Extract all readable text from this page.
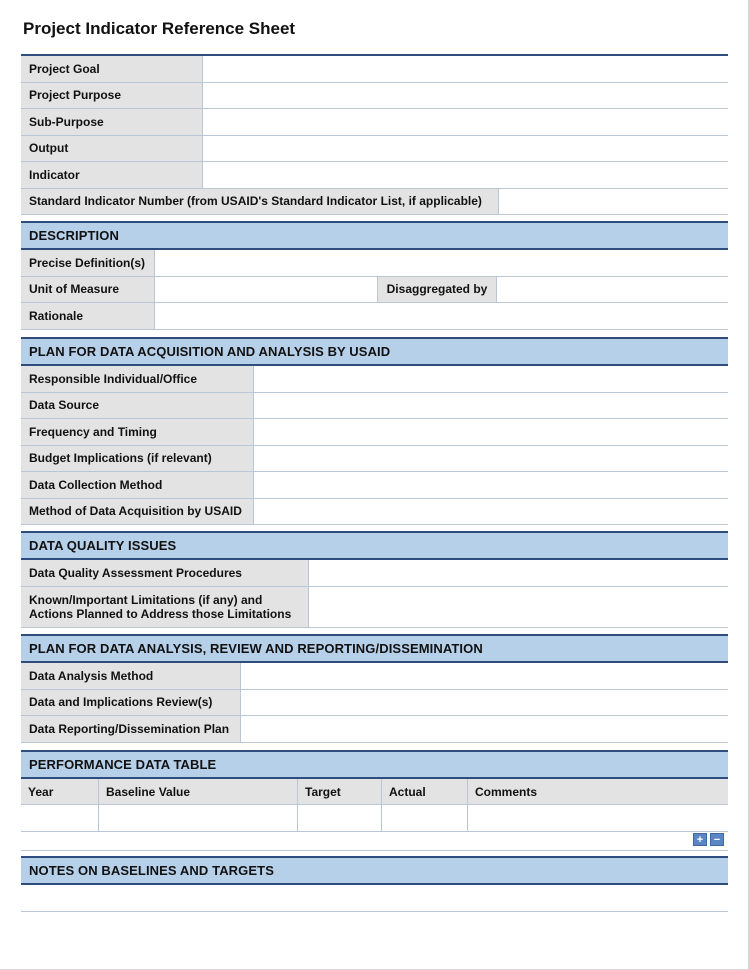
Project Indicator Reference Sheet
Project Goal
Project Purpose
Sub-Purpose
Output
Indicator
Standard Indicator Number (from USAID's Standard Indicator List, if applicable)
DESCRIPTION
Precise Definition(s)
Unit of Measure	Disaggregated by
Rationale
PLAN FOR DATA ACQUISITION AND ANALYSIS BY USAID
Responsible Individual/Office
Data Source
Frequency and Timing
Budget Implications (if relevant)
Data Collection Method
Method of Data Acquisition by USAID
DATA QUALITY ISSUES
Data Quality Assessment Procedures
Known/Important Limitations (if any) and
Actions Planned to Address those Limitations
PLAN FOR DATA ANALYSIS, REVIEW AND REPORTING/DISSEMINATION
Data Analysis Method
Data and Implications Review(s)
Data Reporting/Dissemination Plan
PERFORMANCE DATA TABLE
Year	Baseline Value	Target	Actual	Comments
+ −
NOTES ON BASELINES AND TARGETS
